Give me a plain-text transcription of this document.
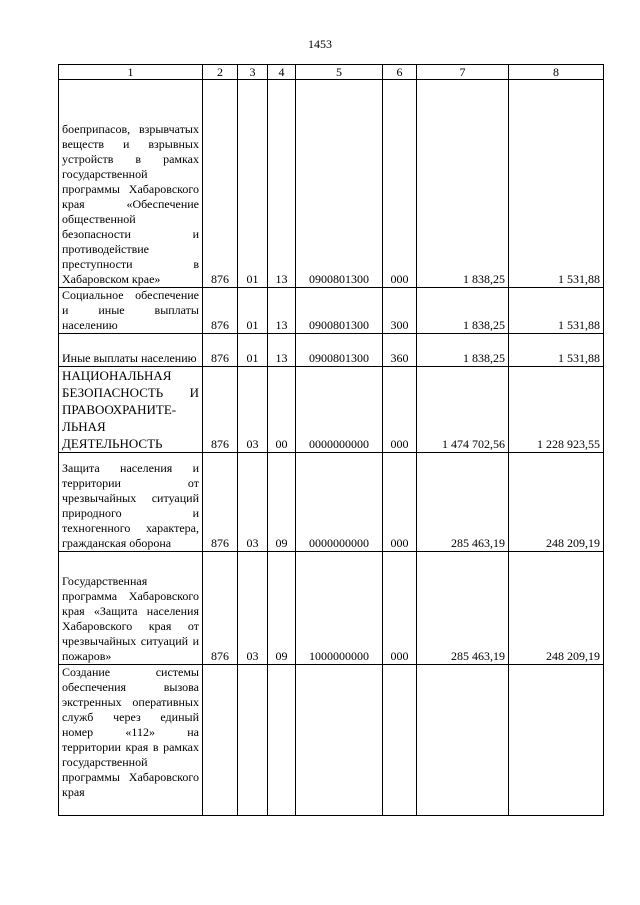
1453
1	2	3	4	5	6	7	8
боеприпасов, взрывчатых веществ и взрывных устройств в рамках государственной программы Хабаровского края «Обеспечение общественной безопасности и противодействие преступности в Хабаровском крае»	876	01	13	0900801300	000	1 838,25	1 531,88
Социальное обеспечение и иные выплаты населению	876	01	13	0900801300	300	1 838,25	1 531,88
Иные выплаты населению	876	01	13	0900801300	360	1 838,25	1 531,88
НАЦИОНАЛЬНАЯ БЕЗОПАСНОСТЬ И ПРАВООХРАНИТЕ-ЛЬНАЯ ДЕЯТЕЛЬНОСТЬ	876	03	00	0000000000	000	1 474 702,56	1 228 923,55
Защита населения и территории от чрезвычайных ситуаций природного и техногенного характера, гражданская оборона	876	03	09	0000000000	000	285 463,19	248 209,19
Государственная программа Хабаровского края «Защита населения Хабаровского края от чрезвычайных ситуаций и пожаров»	876	03	09	1000000000	000	285 463,19	248 209,19
Создание системы обеспечения вызова экстренных оперативных служб через единый номер «112» на территории края в рамках государственной программы Хабаровского края							
